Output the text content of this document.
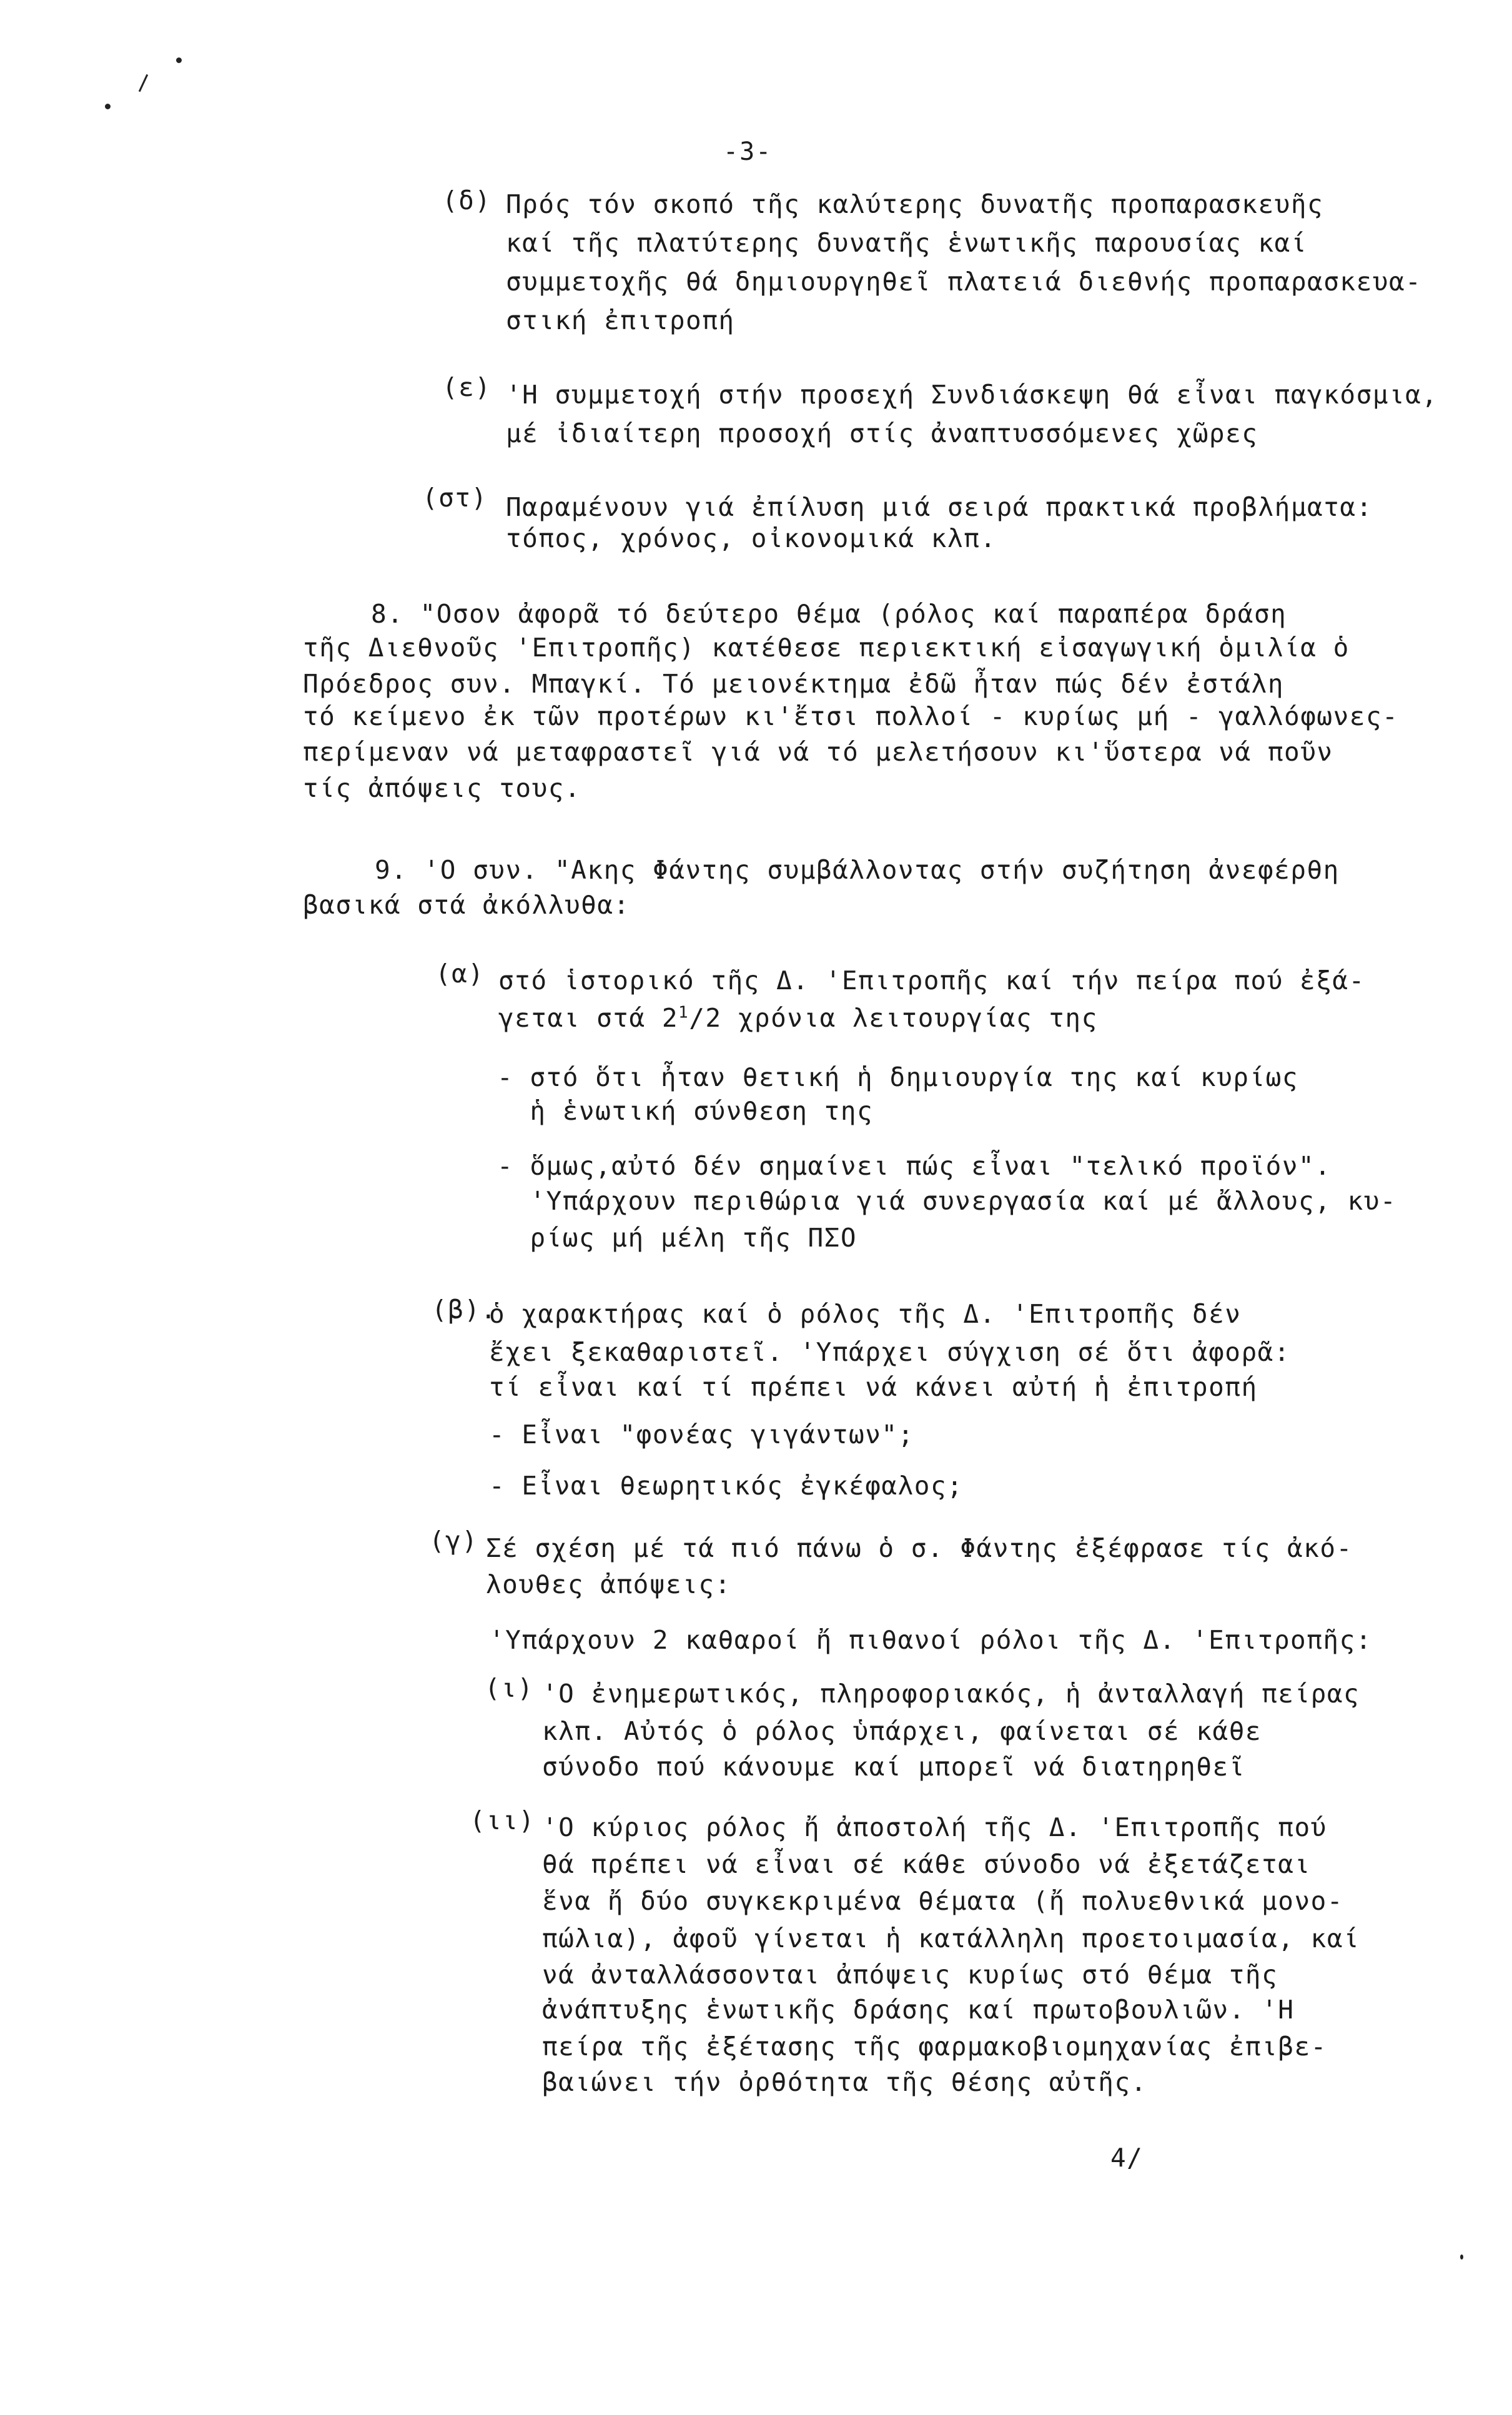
-3-
(δ) Πρός τόν σκοπό τῆς καλύτερης δυνατῆς προπαρασκευῆς
καί τῆς πλατύτερης δυνατῆς ἑνωτικῆς παρουσίας καί
συμμετοχῆς θά δημιουργηθεῖ πλατειά διεθνής προπαρασκευα-
στική ἐπιτροπή
(ε) 'Η συμμετοχή στήν προσεχή Συνδιάσκεψη θά εἶναι παγκόσμια,
μέ ἰδιαίτερη προσοχή στίς ἀναπτυσσόμενες χῶρες
(στ) Παραμένουν γιά ἐπίλυση μιά σειρά πρακτικά προβλήματα:
τόπος, χρόνος, οἰκονομικά κλπ.
8. "Οσον ἀφορᾶ τό δεύτερο θέμα (ρόλος καί παραπέρα δράση
τῆς Διεθνοῦς 'Επιτροπῆς) κατέθεσε περιεκτική εἰσαγωγική ὁμιλία ὁ
Πρόεδρος συν. Μπαγκί. Τό μειονέκτημα ἐδῶ ἦταν πώς δέν ἐστάλη
τό κείμενο ἐκ τῶν προτέρων κι'ἔτσι πολλοί - κυρίως μή - γαλλόφωνες-
περίμεναν νά μεταφραστεῖ γιά νά τό μελετήσουν κι'ὕστερα νά ποῦν
τίς ἀπόψεις τους.
9. 'Ο συν. "Ακης Φάντης συμβάλλοντας στήν συζήτηση ἀνεφέρθη
βασικά στά ἀκόλλυθα:
(α) στό ἱστορικό τῆς Δ. 'Επιτροπῆς καί τήν πείρα πού ἐξά-
γεται στά $2^1/2$ χρόνια λειτουργίας της
- στό ὅτι ἦταν θετική ἡ δημιουργία της καί κυρίως
ἡ ἑνωτική σύνθεση της
- ὅμως,αὐτό δέν σημαίνει πώς εἶναι "τελικό προϊόν".
'Υπάρχουν περιθώρια γιά συνεργασία καί μέ ἄλλους, κυ-
ρίως μή μέλη τῆς ΠΣΟ
(β).
ὁ χαρακτήρας καί ὁ ρόλος τῆς Δ. 'Επιτροπῆς δέν
ἔχει ξεκαθαριστεῖ. 'Υπάρχει σύγχιση σέ ὅτι ἀφορᾶ:
τί εἶναι καί τί πρέπει νά κάνει αὐτή ἡ ἐπιτροπή
- Εἶναι "φονέας γιγάντων";
- Εἶναι θεωρητικός ἐγκέφαλος;
(γ) Σέ σχέση μέ τά πιό πάνω ὁ σ. Φάντης ἐξέφρασε τίς ἀκό-
λουθες ἀπόψεις:
'Υπάρχουν 2 καθαροί ἤ πιθανοί ρόλοι τῆς Δ. 'Επιτροπῆς:
(ι) 'Ο ἐνημερωτικός, πληροφοριακός, ἡ ἀνταλλαγή πείρας
κλπ. Αὐτός ὁ ρόλος ὑπάρχει, φαίνεται σέ κάθε
σύνοδο πού κάνουμε καί μπορεῖ νά διατηρηθεῖ
(ιι) 'Ο κύριος ρόλος ἤ ἀποστολή τῆς Δ. 'Επιτροπῆς πού
θά πρέπει νά εἶναι σέ κάθε σύνοδο νά ἐξετάζεται
ἕνα ἤ δύο συγκεκριμένα θέματα (ἤ πολυεθνικά μονο-
πώλια), ἀφοῦ γίνεται ἡ κατάλληλη προετοιμασία, καί
νά ἀνταλλάσσονται ἀπόψεις κυρίως στό θέμα τῆς
ἀνάπτυξης ἑνωτικῆς δράσης καί πρωτοβουλιῶν. 'Η
πείρα τῆς ἐξέτασης τῆς φαρμακοβιομηχανίας ἐπιβε-
βαιώνει τήν ὀρθότητα τῆς θέσης αὐτῆς.
4/
